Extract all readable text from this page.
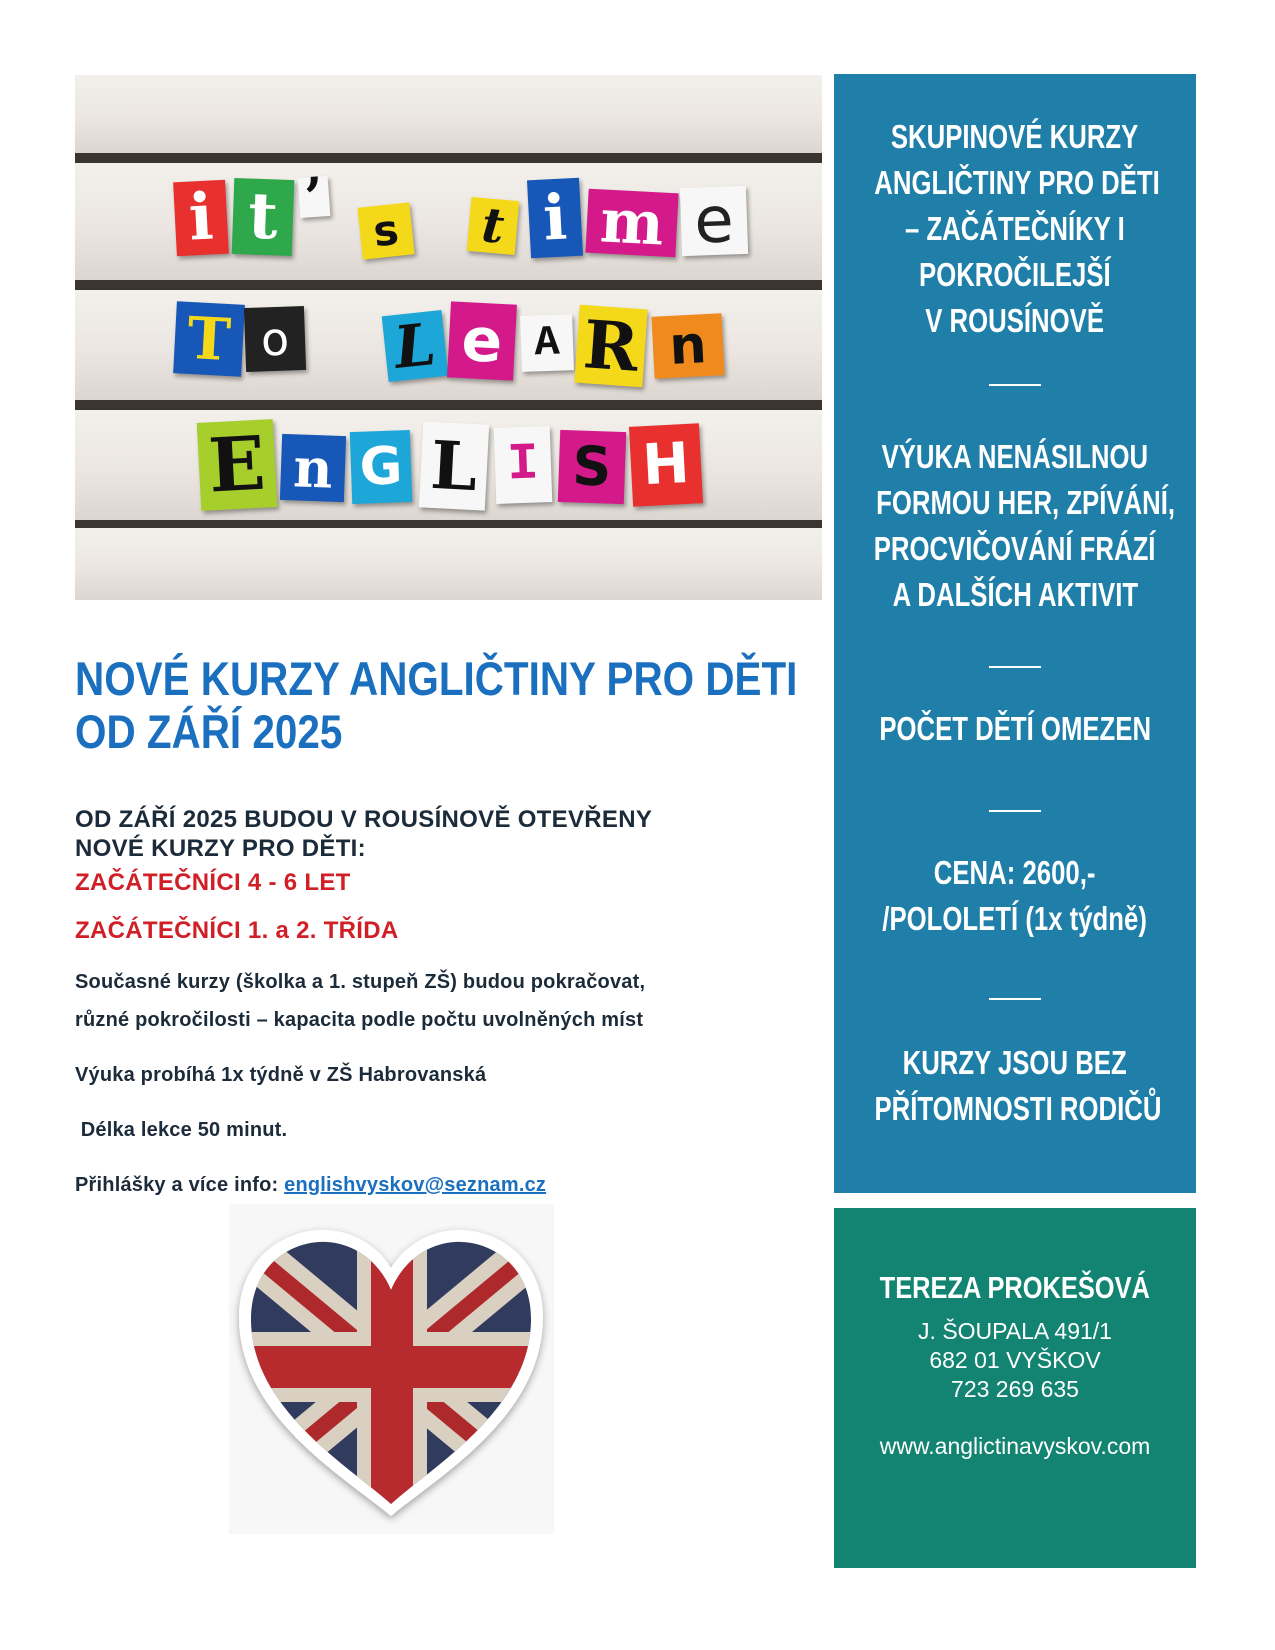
i t ’
s t i m e
T o L e A R n
E n G L I S H
NOVÉ KURZY ANGLIČTINY PRO DĚTI
OD ZÁŘÍ 2025

OD ZÁŘÍ 2025 BUDOU V ROUSÍNOVĚ OTEVŘENY
NOVÉ KURZY PRO DĚTI:

ZAČÁTEČNÍCI 4 - 6 LET

ZAČÁTEČNÍCI 1. a 2. TŘÍDA

Současné kurzy (školka a 1. stupeň ZŠ) budou pokračovat,

různé pokročilosti – kapacita podle počtu uvolněných míst

Výuka probíhá 1x týdně v ZŠ Habrovanská

Délka lekce 50 minut.

Přihlášky a více info: englishvyskov@seznam.cz

SKUPINOVÉ KURZY
ANGLIČTINY PRO DĚTI
– ZAČÁTEČNÍKY I
POKROČILEJŠÍ
V ROUSÍNOVĚ

VÝUKA NENÁSILNOU
FORMOU HER, ZPÍVÁNÍ,
PROCVIČOVÁNÍ FRÁZÍ
A DALŠÍCH AKTIVIT

POČET DĚTÍ OMEZEN

CENA: 2600,-
/POLOLETÍ (1x týdně)

KURZY JSOU BEZ
PŘÍTOMNOSTI RODIČŮ

TEREZA PROKEŠOVÁ

J. ŠOUPALA 491/1

682 01 VYŠKOV

723 269 635

www.anglictinavyskov.com
